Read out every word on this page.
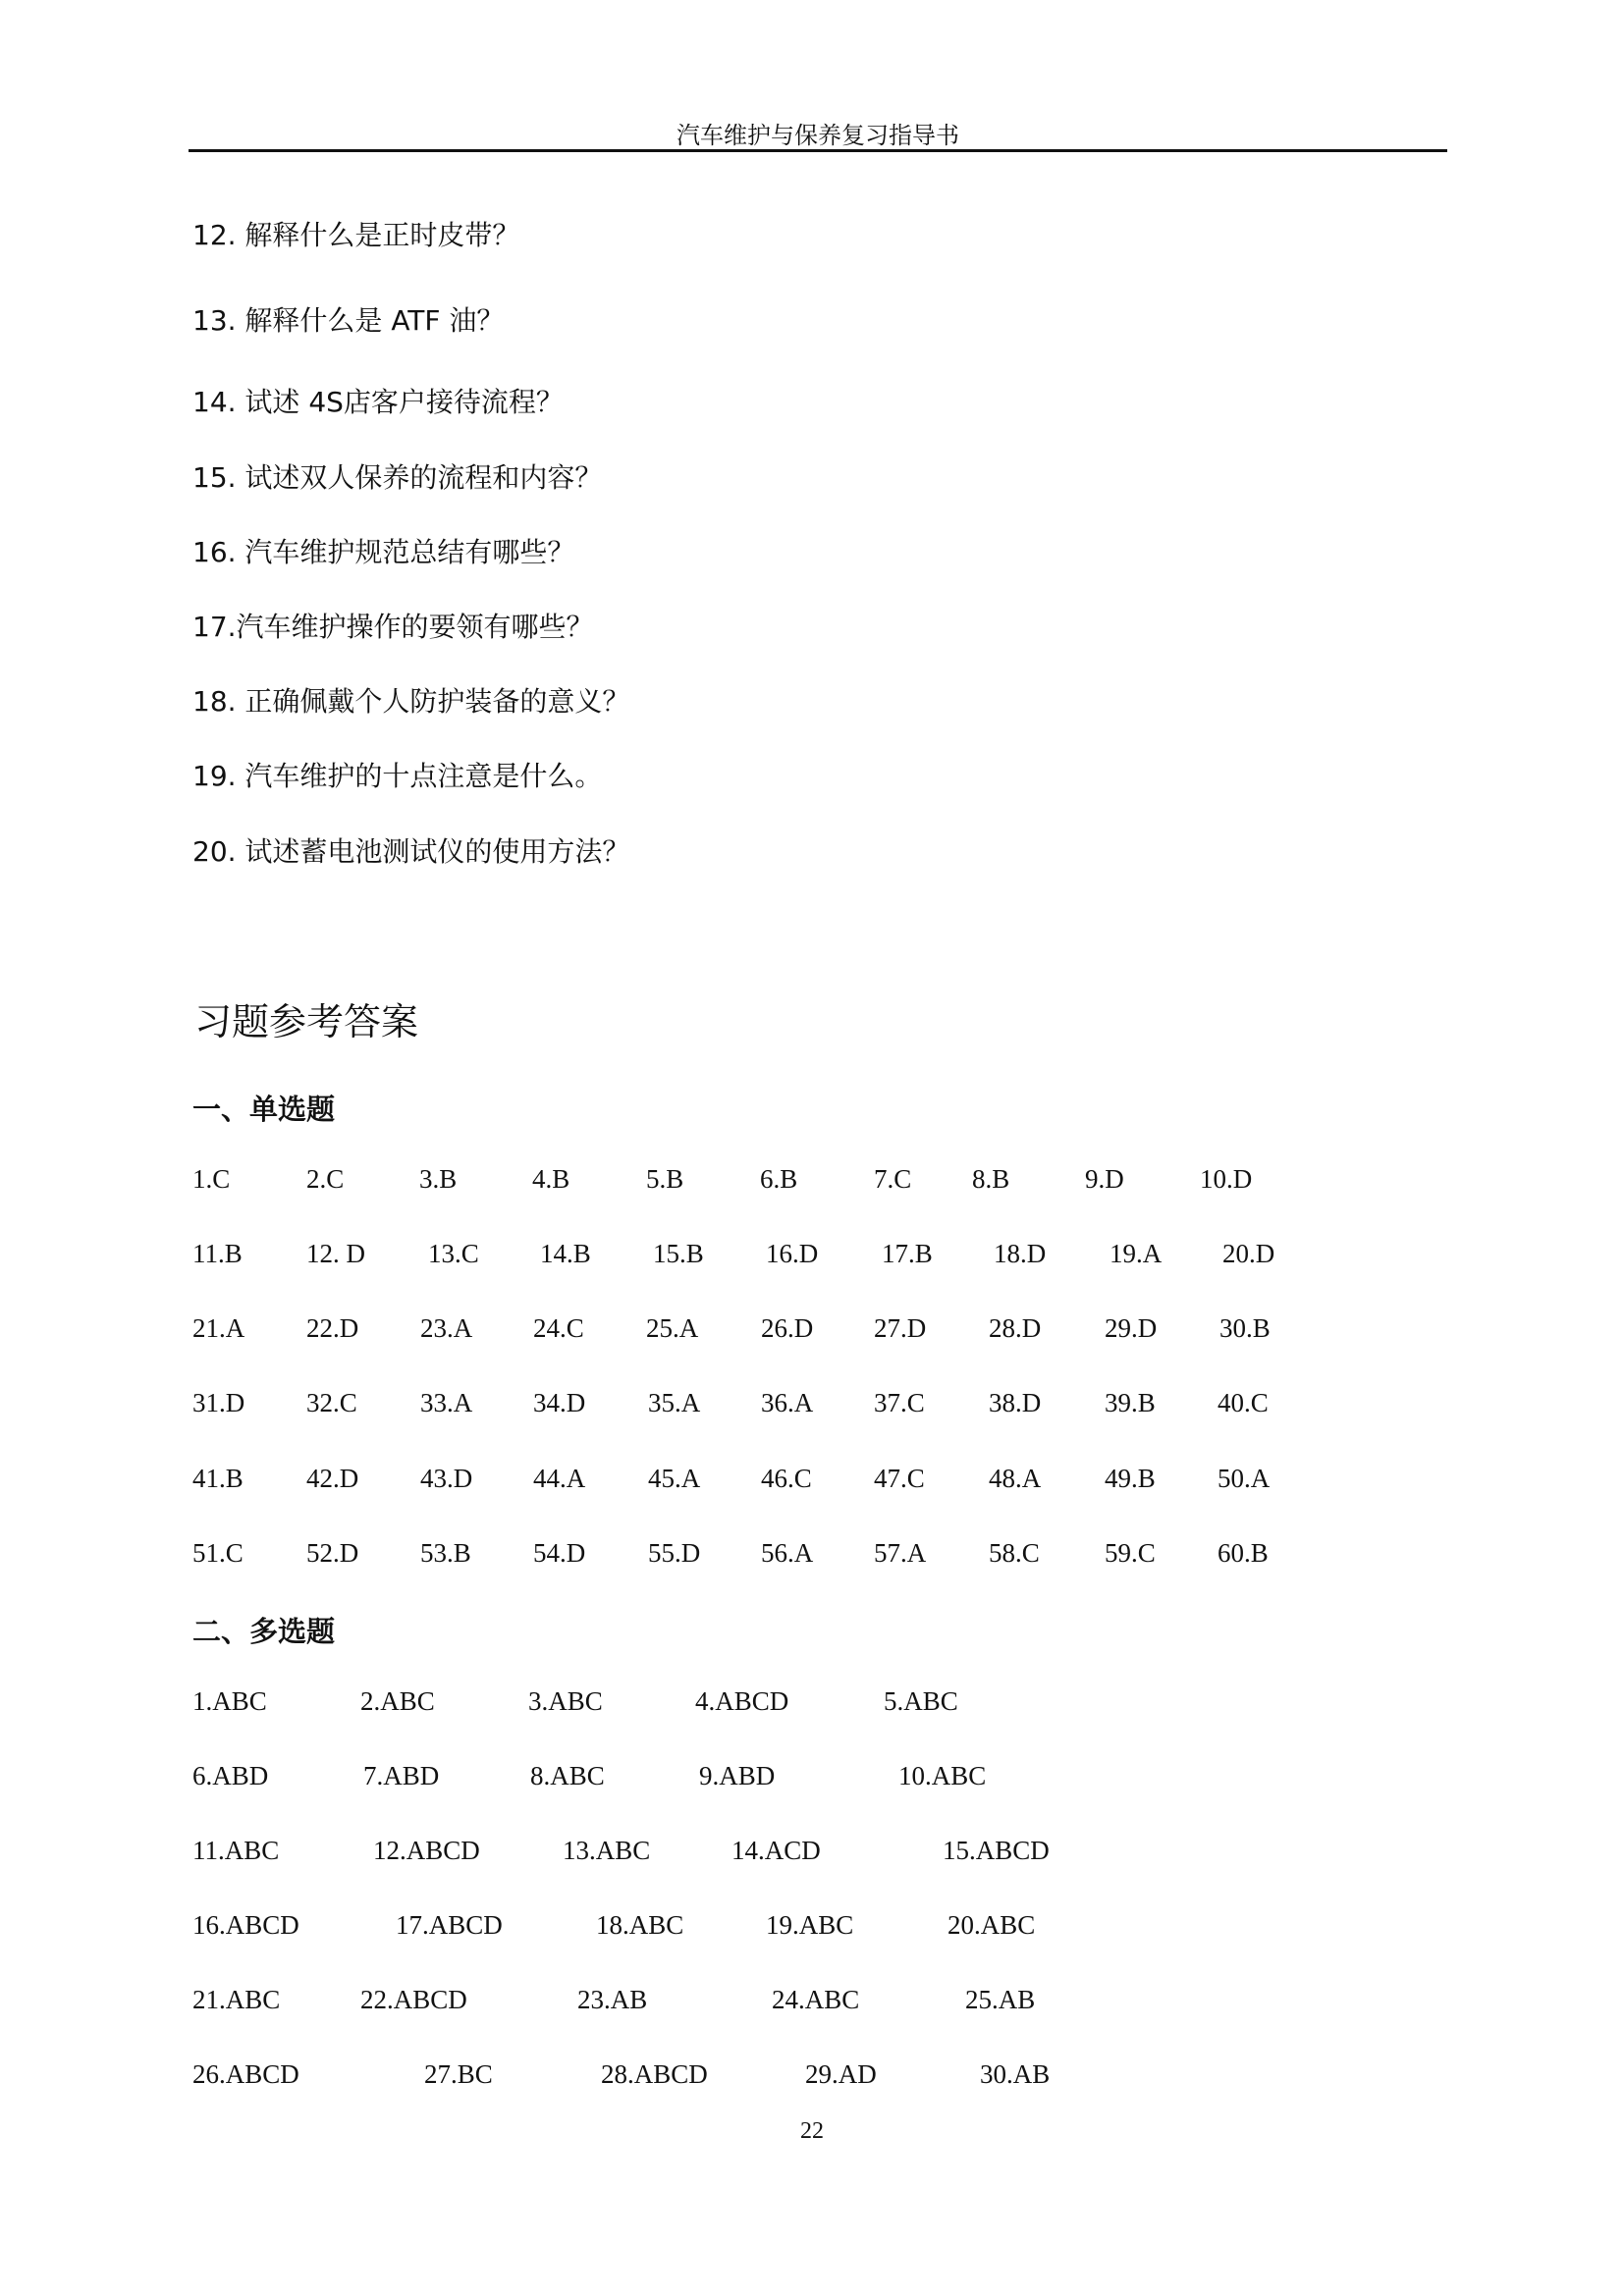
汽车维护与保养复习指导书
12. 解释什么是正时皮带？
13. 解释什么是 ATF 油？
14. 试述 4S店客户接待流程？
15. 试述双人保养的流程和内容？
16. 汽车维护规范总结有哪些？
17.汽车维护操作的要领有哪些？
18. 正确佩戴个人防护装备的意义？
19. 汽车维护的十点注意是什么。
20. 试述蓄电池测试仪的使用方法？
习题参考答案
一、单选题
1.C	2.C	3.B	4.B	5.B	6.B	7.C 8.B	9.D	10.D
11.B 12. D 13.C 14.B 15.B 16.D 17.B 18.D 19.A 20.D
21.A 22.D 23.A 24.C 25.A 26.D 27.D 28.D 29.D 30.B
31.D 32.C 33.A 34.D 35.A 36.A 37.C 38.D 39.B 40.C
41.B 42.D 43.D 44.A 45.A 46.C 47.C 48.A 49.B 50.A
51.C 52.D 53.B 54.D 55.D 56.A 57.A 58.C 59.C 60.B
二、多选题
1.ABC	2.ABC	3.ABC	4.ABCD	5.ABC
6.ABD	7.ABD	8.ABC	9.ABD	10.ABC
11.ABC	12.ABCD	13.ABC	14.ACD	15.ABCD
16.ABCD	17.ABCD	18.ABC	19.ABC	20.ABC
21.ABC	22.ABCD	23.AB	24.ABC	25.AB
26.ABCD	27.BC	28.ABCD	29.AD	30.AB
22
